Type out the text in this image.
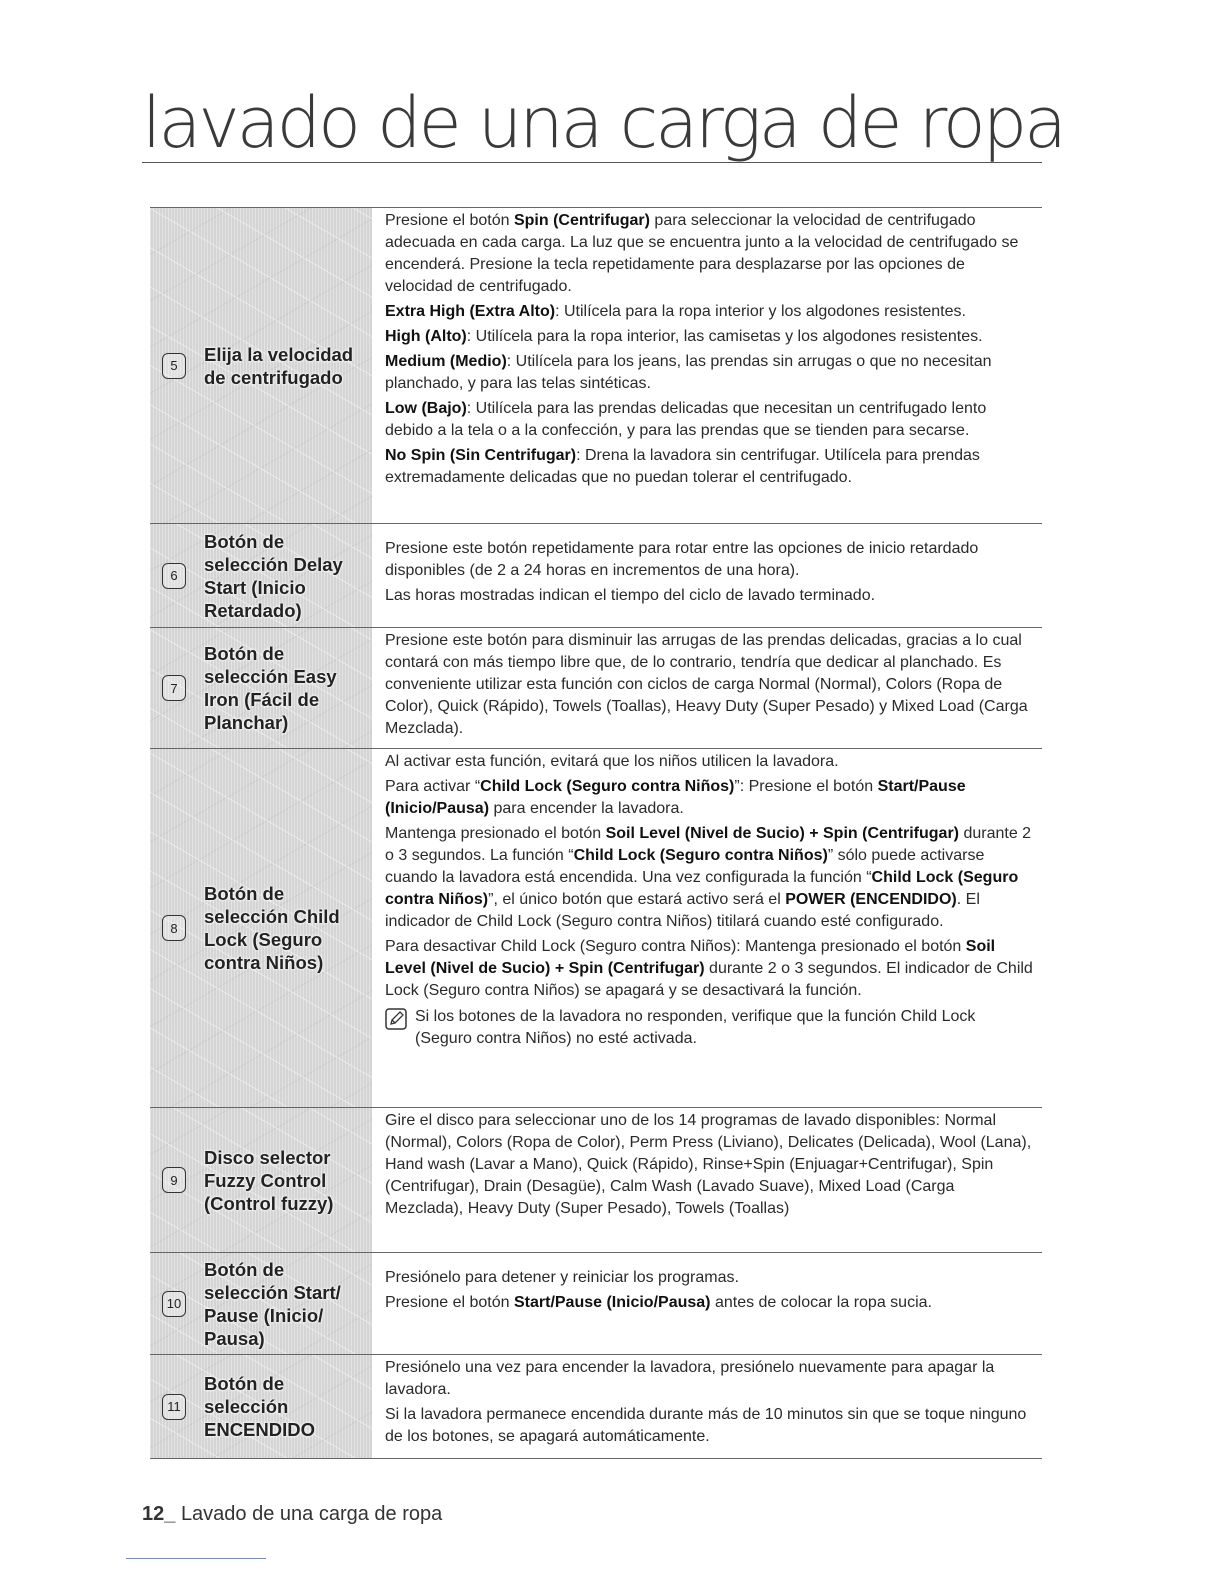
lavado de una carga de ropa
5
Elija la velocidad
de centrifugado

Presione el botón Spin (Centrifugar) para seleccionar la velocidad de centrifugado adecuada en cada carga. La luz que se encuentra junto a la velocidad de centrifugado se encenderá. Presione la tecla repetidamente para desplazarse por las opciones de velocidad de centrifugado.

Extra High (Extra Alto): Utilícela para la ropa interior y los algodones resistentes.

High (Alto): Utilícela para la ropa interior, las camisetas y los algodones resistentes.

Medium (Medio): Utilícela para los jeans, las prendas sin arrugas o que no necesitan planchado, y para las telas sintéticas.

Low (Bajo): Utilícela para las prendas delicadas que necesitan un centrifugado lento debido a la tela o a la confección, y para las prendas que se tienden para secarse.

No Spin (Sin Centrifugar): Drena la lavadora sin centrifugar. Utilícela para prendas extremadamente delicadas que no puedan tolerar el centrifugado.

6
Botón de
selección Delay
Start (Inicio
Retardado)

Presione este botón repetidamente para rotar entre las opciones de inicio retardado disponibles (de 2 a 24 horas en incrementos de una hora).

Las horas mostradas indican el tiempo del ciclo de lavado terminado.

7
Botón de
selección Easy
Iron (Fácil de
Planchar)

Presione este botón para disminuir las arrugas de las prendas delicadas, gracias a lo cual contará con más tiempo libre que, de lo contrario, tendría que dedicar al planchado. Es conveniente utilizar esta función con ciclos de carga Normal (Normal), Colors (Ropa de Color), Quick (Rápido), Towels (Toallas), Heavy Duty (Super Pesado) y Mixed Load (Carga Mezclada).

8
Botón de
selección Child
Lock (Seguro
contra Niños)

Al activar esta función, evitará que los niños utilicen la lavadora.

Para activar “Child Lock (Seguro contra Niños)”: Presione el botón Start/Pause (Inicio/Pausa) para encender la lavadora.

Mantenga presionado el botón Soil Level (Nivel de Sucio) + Spin (Centrifugar) durante 2 o 3 segundos. La función “Child Lock (Seguro contra Niños)” sólo puede activarse cuando la lavadora está encendida. Una vez configurada la función “Child Lock (Seguro contra Niños)”, el único botón que estará activo será el POWER (ENCENDIDO). El indicador de Child Lock (Seguro contra Niños) titilará cuando esté configurado.

Para desactivar Child Lock (Seguro contra Niños): Mantenga presionado el botón Soil Level (Nivel de Sucio) + Spin (Centrifugar) durante 2 o 3 segundos. El indicador de Child Lock (Seguro contra Niños) se apagará y se desactivará la función.

Si los botones de la lavadora no responden, verifique que la función Child Lock (Seguro contra Niños) no esté activada.
9
Disco selector
Fuzzy Control
(Control fuzzy)

Gire el disco para seleccionar uno de los 14 programas de lavado disponibles: Normal (Normal), Colors (Ropa de Color), Perm Press (Liviano), Delicates (Delicada), Wool (Lana), Hand wash (Lavar a Mano), Quick (Rápido), Rinse+Spin (Enjuagar+Centrifugar), Spin (Centrifugar), Drain (Desagüe), Calm Wash (Lavado Suave), Mixed Load (Carga Mezclada), Heavy Duty (Super Pesado), Towels (Toallas)

10
Botón de
selección Start/
Pause (Inicio/
Pausa)

Presiónelo para detener y reiniciar los programas.

Presione el botón Start/Pause (Inicio/Pausa) antes de colocar la ropa sucia.

11
Botón de
selección
ENCENDIDO

Presiónelo una vez para encender la lavadora, presiónelo nuevamente para apagar la lavadora.

Si la lavadora permanece encendida durante más de 10 minutos sin que se toque ninguno de los botones, se apagará automáticamente.

12_ Lavado de una carga de ropa
